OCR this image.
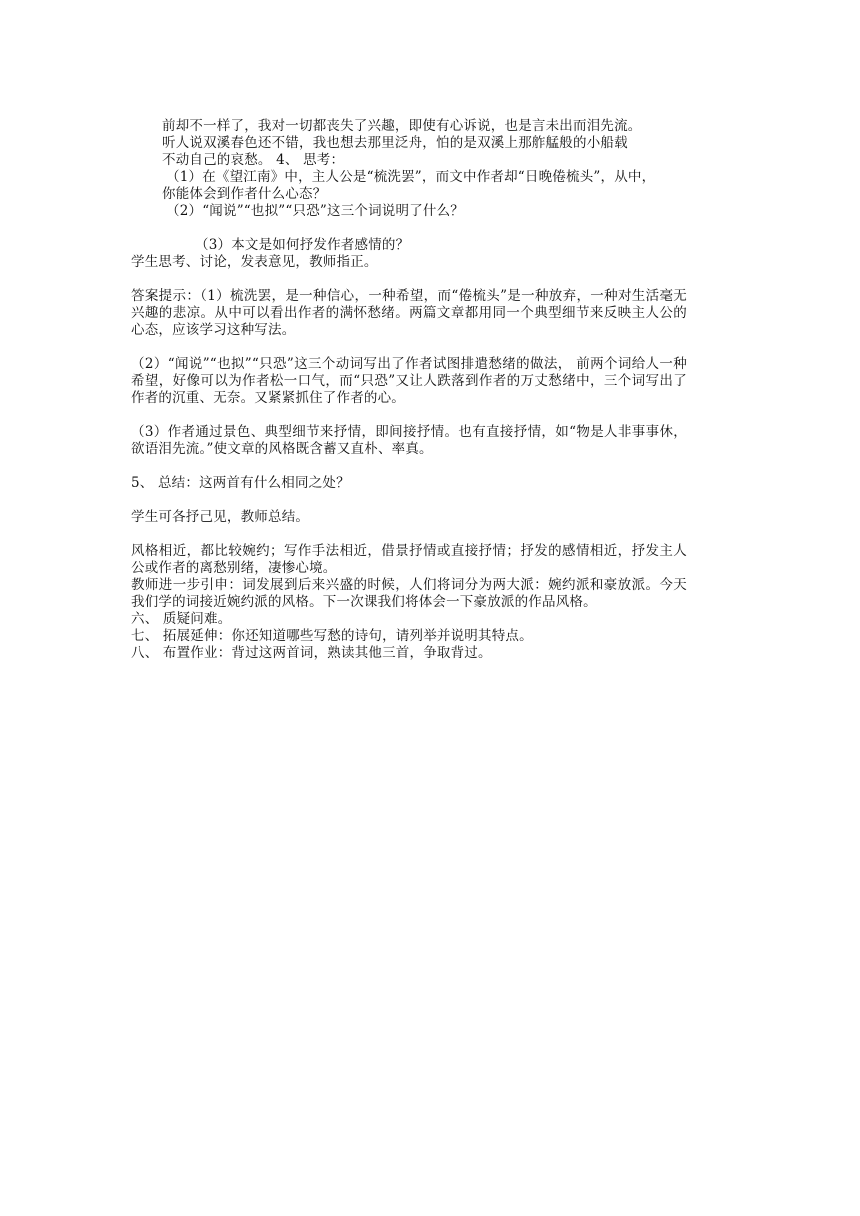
前却不一样了，我对一切都丧失了兴趣，即使有心诉说，也是言未出而泪先流。

听人说双溪春色还不错，我也想去那里泛舟，怕的是双溪上那舴艋般的小船载

不动自己的哀愁。 4、 思考：

（1）在《望江南》中，主人公是“梳洗罢”，而文中作者却“日晚倦梳头”，从中，

你能体会到作者什么心态？

（2）“闻说”“也拟”“只恐”这三个词说明了什么？

（3）本文是如何抒发作者感情的？

学生思考、讨论，发表意见，教师指正。

答案提示：（1）梳洗罢，是一种信心，一种希望，而“倦梳头”是一种放弃，一种对生活毫无兴趣的悲凉。从中可以看出作者的满怀愁绪。两篇文章都用同一个典型细节来反映主人公的心态，应该学习这种写法。

（2）“闻说”“也拟”“只恐”这三个动词写出了作者试图排遣愁绪的做法， 前两个词给人一种希望，好像可以为作者松一口气，而“只恐”又让人跌落到作者的万丈愁绪中，三个词写出了作者的沉重、无奈。又紧紧抓住了作者的心。

（3）作者通过景色、典型细节来抒情，即间接抒情。也有直接抒情，如“物是人非事事休，欲语泪先流。”使文章的风格既含蓄又直朴、率真。

5、 总结：这两首有什么相同之处？

学生可各抒己见，教师总结。

风格相近，都比较婉约；写作手法相近，借景抒情或直接抒情；抒发的感情相近，抒发主人公或作者的离愁别绪，凄惨心境。

教师进一步引申：词发展到后来兴盛的时候，人们将词分为两大派：婉约派和豪放派。今天我们学的词接近婉约派的风格。下一次课我们将体会一下豪放派的作品风格。

六、 质疑问难。

七、 拓展延伸：你还知道哪些写愁的诗句，请列举并说明其特点。

八、 布置作业：背过这两首词，熟读其他三首，争取背过。
